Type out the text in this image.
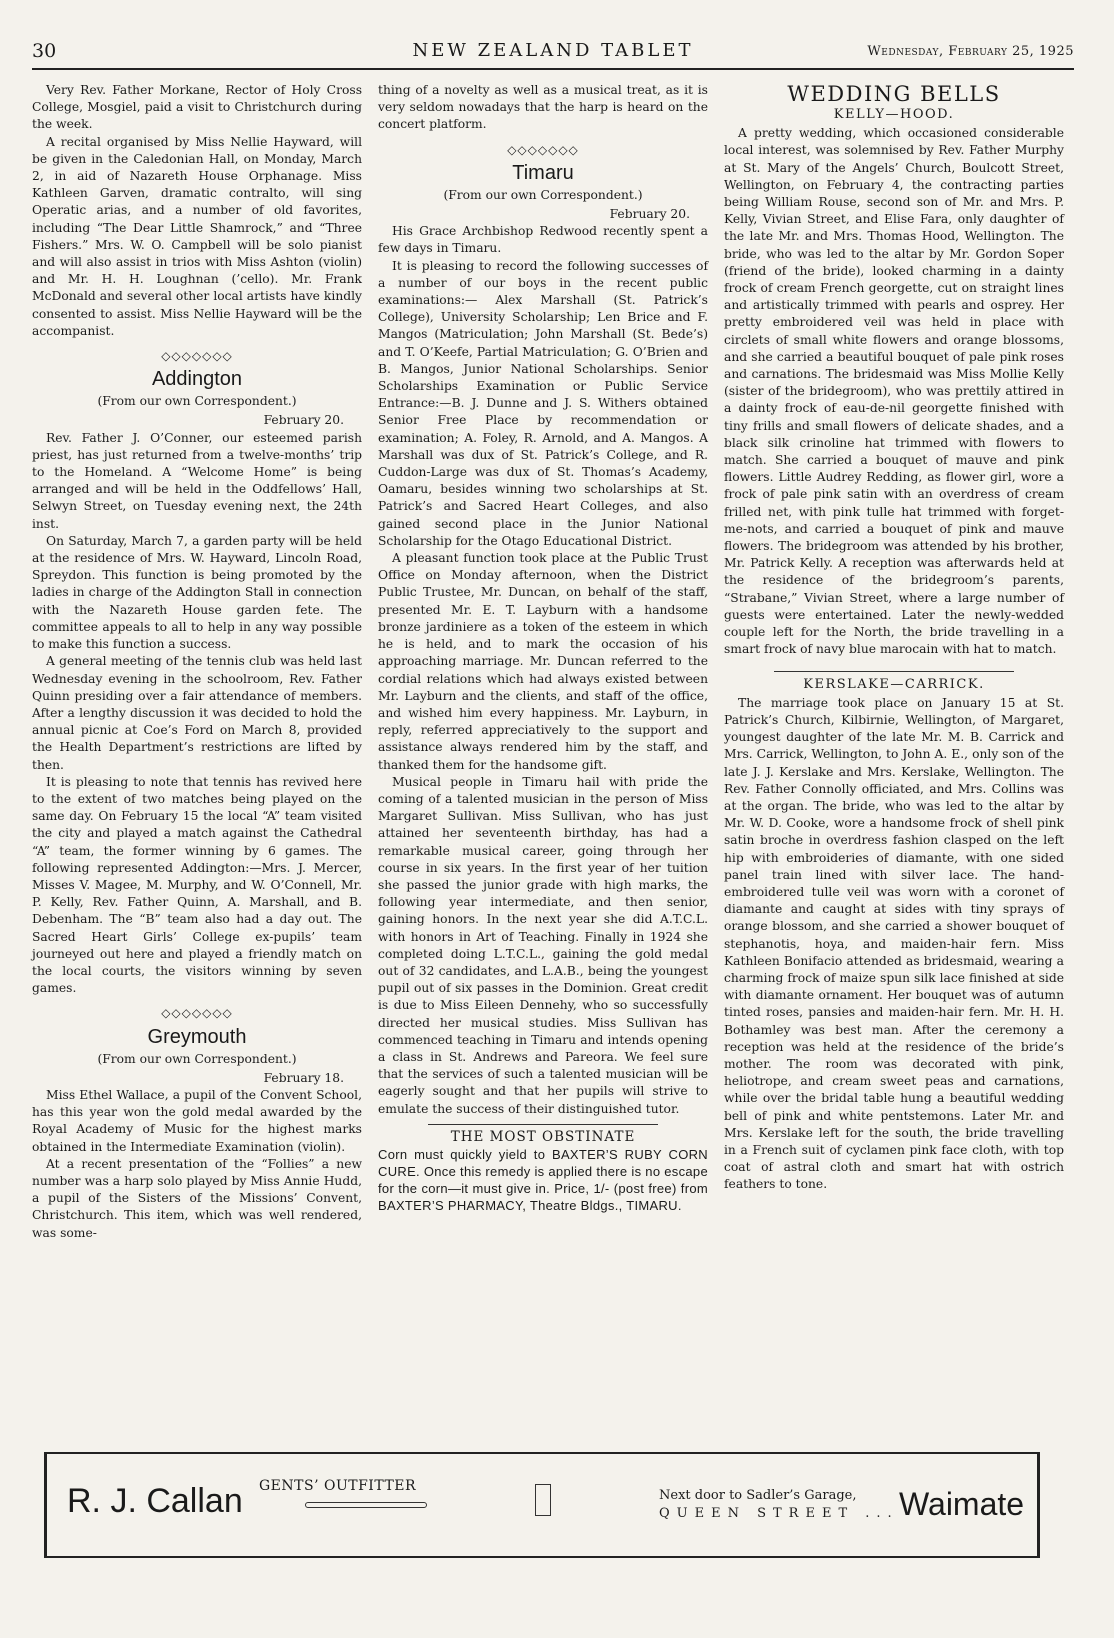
30	NEW ZEALAND TABLET	Wednesday, February 25, 1925

Very Rev. Father Morkane, Rector of Holy Cross College, Mosgiel, paid a visit to Christchurch during the week.

A recital organised by Miss Nellie Hayward, will be given in the Caledonian Hall, on Monday, March 2, in aid of Nazareth House Orphanage. Miss Kathleen Garven, dramatic contralto, will sing Operatic arias, and a number of old favorites, including “The Dear Little Shamrock,” and “Three Fishers.” Mrs. W. O. Campbell will be solo pianist and will also assist in trios with Miss Ashton (violin) and Mr. H. H. Loughnan (’cello). Mr. Frank McDonald and several other local artists have kindly consented to assist. Miss Nellie Hayward will be the accompanist.

◇◇◇◇◇◇◇
Addington
(From our own Correspondent.)
February 20.

Rev. Father J. O’Conner, our esteemed parish priest, has just returned from a twelve-months’ trip to the Homeland. A “Welcome Home” is being arranged and will be held in the Oddfellows’ Hall, Selwyn Street, on Tuesday evening next, the 24th inst.

On Saturday, March 7, a garden party will be held at the residence of Mrs. W. Hayward, Lincoln Road, Spreydon. This function is being promoted by the ladies in charge of the Addington Stall in connection with the Nazareth House garden fete. The committee appeals to all to help in any way possible to make this function a success.

A general meeting of the tennis club was held last Wednesday evening in the schoolroom, Rev. Father Quinn presiding over a fair attendance of members. After a lengthy discussion it was decided to hold the annual picnic at Coe’s Ford on March 8, provided the Health Department’s restrictions are lifted by then.

It is pleasing to note that tennis has revived here to the extent of two matches being played on the same day. On February 15 the local “A” team visited the city and played a match against the Cathedral “A” team, the former winning by 6 games. The following represented Addington:—Mrs. J. Mercer, Misses V. Magee, M. Murphy, and W. O’Connell, Mr. P. Kelly, Rev. Father Quinn, A. Marshall, and B. Debenham. The “B” team also had a day out. The Sacred Heart Girls’ College ex-pupils’ team journeyed out here and played a friendly match on the local courts, the visitors winning by seven games.

◇◇◇◇◇◇◇
Greymouth
(From our own Correspondent.)
February 18.

Miss Ethel Wallace, a pupil of the Convent School, has this year won the gold medal awarded by the Royal Academy of Music for the highest marks obtained in the Intermediate Examination (violin).

At a recent presentation of the “Follies” a new number was a harp solo played by Miss Annie Hudd, a pupil of the Sisters of the Missions’ Convent, Christchurch. This item, which was well rendered, was some-

thing of a novelty as well as a musical treat, as it is very seldom nowadays that the harp is heard on the concert platform.

◇◇◇◇◇◇◇
Timaru
(From our own Correspondent.)
February 20.

His Grace Archbishop Redwood recently spent a few days in Timaru.

It is pleasing to record the following successes of a number of our boys in the recent public examinations:— Alex Marshall (St. Patrick’s College), University Scholarship; Len Brice and F. Mangos (Matriculation; John Marshall (St. Bede’s) and T. O’Keefe, Partial Matriculation; G. O’Brien and B. Mangos, Junior National Scholarships. Senior Scholarships Examination or Public Service Entrance:—B. J. Dunne and J. S. Withers obtained Senior Free Place by recommendation or examination; A. Foley, R. Arnold, and A. Mangos. A Marshall was dux of St. Patrick’s College, and R. Cuddon-Large was dux of St. Thomas’s Academy, Oamaru, besides winning two scholarships at St. Patrick’s and Sacred Heart Colleges, and also gained second place in the Junior National Scholarship for the Otago Educational District.

A pleasant function took place at the Public Trust Office on Monday afternoon, when the District Public Trustee, Mr. Duncan, on behalf of the staff, presented Mr. E. T. Layburn with a handsome bronze jardiniere as a token of the esteem in which he is held, and to mark the occasion of his approaching marriage. Mr. Duncan referred to the cordial relations which had always existed between Mr. Layburn and the clients, and staff of the office, and wished him every happiness. Mr. Layburn, in reply, referred appreciatively to the support and assistance always rendered him by the staff, and thanked them for the handsome gift.

Musical people in Timaru hail with pride the coming of a talented musician in the person of Miss Margaret Sullivan. Miss Sullivan, who has just attained her seventeenth birthday, has had a remarkable musical career, going through her course in six years. In the first year of her tuition she passed the junior grade with high marks, the following year intermediate, and then senior, gaining honors. In the next year she did A.T.C.L. with honors in Art of Teaching. Finally in 1924 she completed doing L.T.C.L., gaining the gold medal out of 32 candidates, and L.A.B., being the youngest pupil out of six passes in the Dominion. Great credit is due to Miss Eileen Dennehy, who so successfully directed her musical studies. Miss Sullivan has commenced teaching in Timaru and intends opening a class in St. Andrews and Pareora. We feel sure that the services of such a talented musician will be eagerly sought and that her pupils will strive to emulate the success of their distinguished tutor.

THE MOST OBSTINATE
Corn must quickly yield to BAXTER’S RUBY CORN CURE. Once this remedy is applied there is no escape for the corn—it must give in. Price, 1/- (post free) from BAXTER’S PHARMACY, Theatre Bldgs., TIMARU.
WEDDING BELLS
KELLY—HOOD.

A pretty wedding, which occasioned considerable local interest, was solemnised by Rev. Father Murphy at St. Mary of the Angels’ Church, Boulcott Street, Wellington, on February 4, the contracting parties being William Rouse, second son of Mr. and Mrs. P. Kelly, Vivian Street, and Elise Fara, only daughter of the late Mr. and Mrs. Thomas Hood, Wellington. The bride, who was led to the altar by Mr. Gordon Soper (friend of the bride), looked charming in a dainty frock of cream French georgette, cut on straight lines and artistically trimmed with pearls and osprey. Her pretty embroidered veil was held in place with circlets of small white flowers and orange blossoms, and she carried a beautiful bouquet of pale pink roses and carnations. The bridesmaid was Miss Mollie Kelly (sister of the bridegroom), who was prettily attired in a dainty frock of eau-de-nil georgette finished with tiny frills and small flowers of delicate shades, and a black silk crinoline hat trimmed with flowers to match. She carried a bouquet of mauve and pink flowers. Little Audrey Redding, as flower girl, wore a frock of pale pink satin with an overdress of cream frilled net, with pink tulle hat trimmed with forget-me-nots, and carried a bouquet of pink and mauve flowers. The bridegroom was attended by his brother, Mr. Patrick Kelly. A reception was afterwards held at the residence of the bridegroom’s parents, “Strabane,” Vivian Street, where a large number of guests were entertained. Later the newly-wedded couple left for the North, the bride travelling in a smart frock of navy blue marocain with hat to match.

KERSLAKE—CARRICK.

The marriage took place on January 15 at St. Patrick’s Church, Kilbirnie, Wellington, of Margaret, youngest daughter of the late Mr. M. B. Carrick and Mrs. Carrick, Wellington, to John A. E., only son of the late J. J. Kerslake and Mrs. Kerslake, Wellington. The Rev. Father Connolly officiated, and Mrs. Collins was at the organ. The bride, who was led to the altar by Mr. W. D. Cooke, wore a handsome frock of shell pink satin broche in overdress fashion clasped on the left hip with embroideries of diamante, with one sided panel train lined with silver lace. The hand-embroidered tulle veil was worn with a coronet of diamante and caught at sides with tiny sprays of orange blossom, and she carried a shower bouquet of stephanotis, hoya, and maiden-hair fern. Miss Kathleen Bonifacio attended as bridesmaid, wearing a charming frock of maize spun silk lace finished at side with diamante ornament. Her bouquet was of autumn tinted roses, pansies and maiden-hair fern. Mr. H. H. Bothamley was best man. After the ceremony a reception was held at the residence of the bride’s mother. The room was decorated with pink, heliotrope, and cream sweet peas and carnations, while over the bridal table hung a beautiful wedding bell of pink and white pentstemons. Later Mr. and Mrs. Kerslake left for the south, the bride travelling in a French suit of cyclamen pink face cloth, with top coat of astral cloth and smart hat with ostrich feathers to tone.

R. J. Callan GENTS’ OUTFITTER
Next door to Sadler’s Garage,
QUEEN STREET ... Waimate
